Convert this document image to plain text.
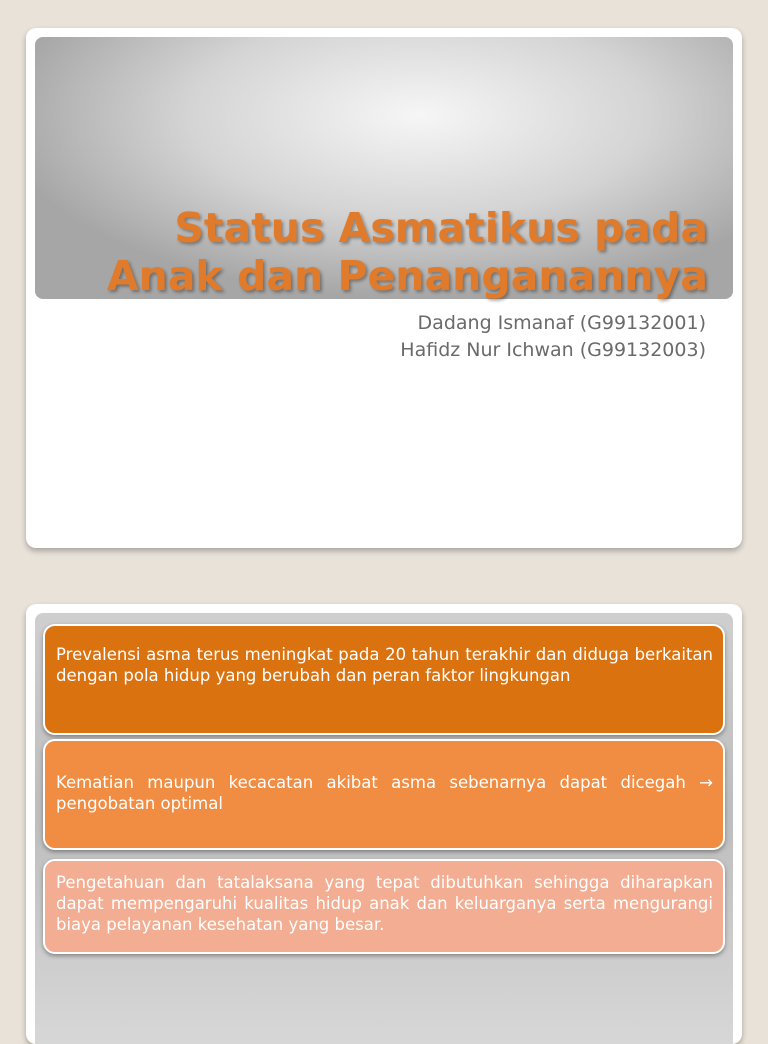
Status Asmatikus pada
Anak dan Penanganannya
Dadang Ismanaf (G99132001)
Hafidz Nur Ichwan (G99132003)
Prevalensi asma terus meningkat pada 20 tahun terakhir dan diduga berkaitan dengan pola hidup yang berubah dan peran faktor lingkungan
Kematian maupun kecacatan akibat asma sebenarnya dapat dicegah → pengobatan optimal
Pengetahuan dan tatalaksana yang tepat dibutuhkan sehingga diharapkan dapat mempengaruhi kualitas hidup anak dan keluarganya serta mengurangi biaya pelayanan kesehatan yang besar.
